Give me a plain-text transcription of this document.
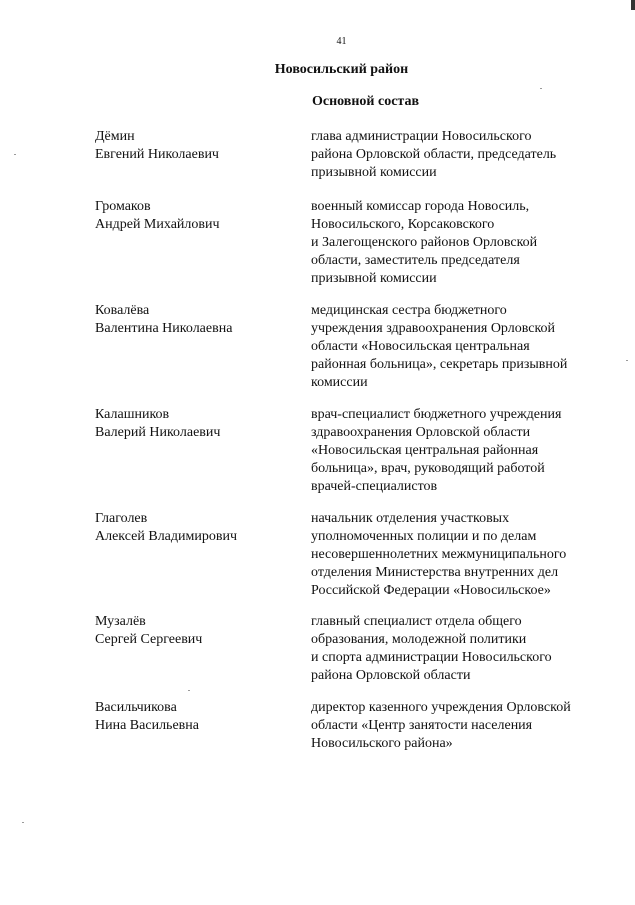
41
Новосильский район
Основной состав
Дёмин
Евгений Николаевич
глава администрации Новосильского
района Орловской области, председатель
призывной комиссии
Громаков
Андрей Михайлович
военный комиссар города Новосиль,
Новосильского, Корсаковского
и Залегощенского районов Орловской
области, заместитель председателя
призывной комиссии
Ковалёва
Валентина Николаевна
медицинская сестра бюджетного
учреждения здравоохранения Орловской
области «Новосильская центральная
районная больница», секретарь призывной
комиссии
Калашников
Валерий Николаевич
врач-специалист бюджетного учреждения
здравоохранения Орловской области
«Новосильская центральная районная
больница», врач, руководящий работой
врачей-специалистов
Глаголев
Алексей Владимирович
начальник отделения участковых
уполномоченных полиции и по делам
несовершеннолетних межмуниципального
отделения Министерства внутренних дел
Российской Федерации «Новосильское»
Музалёв
Сергей Сергеевич
главный специалист отдела общего
образования, молодежной политики
и спорта администрации Новосильского
района Орловской области
Васильчикова
Нина Васильевна
директор казенного учреждения Орловской
области «Центр занятости населения
Новосильского района»
